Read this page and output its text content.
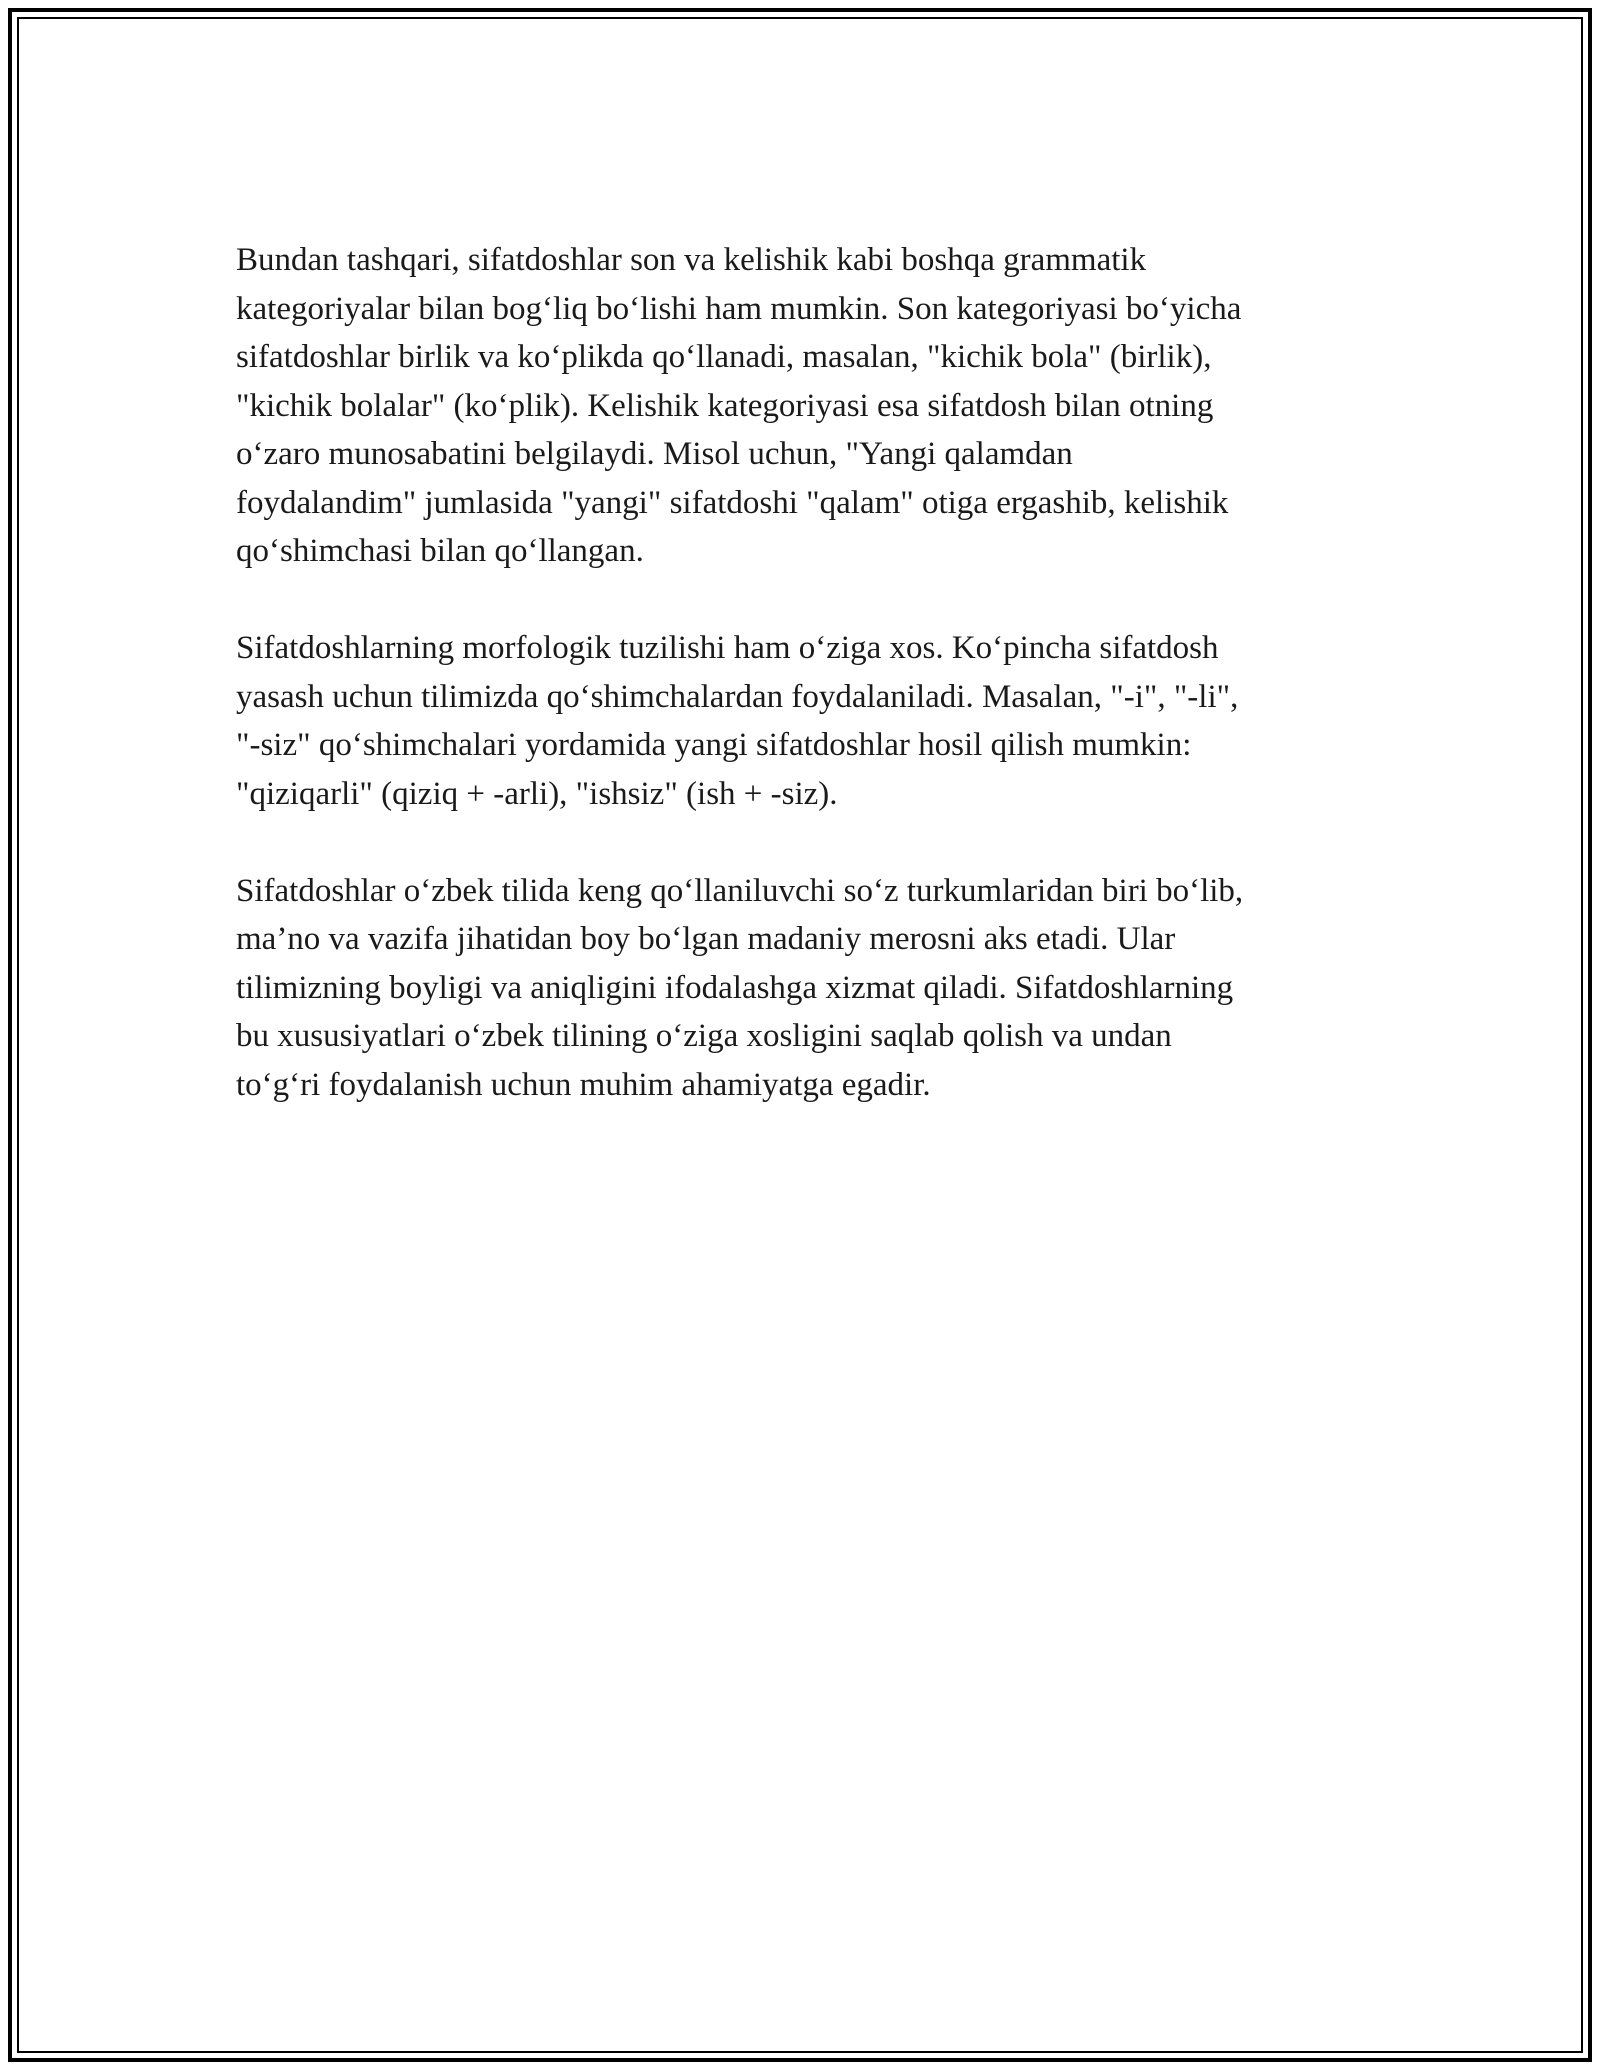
Bundan tashqari, sifatdoshlar son va kelishik kabi boshqa grammatik
kategoriyalar bilan bog‘liq bo‘lishi ham mumkin. Son kategoriyasi bo‘yicha
sifatdoshlar birlik va ko‘plikda qo‘llanadi, masalan, "kichik bola" (birlik),
"kichik bolalar" (ko‘plik). Kelishik kategoriyasi esa sifatdosh bilan otning
o‘zaro munosabatini belgilaydi. Misol uchun, "Yangi qalamdan
foydalandim" jumlasida "yangi" sifatdoshi "qalam" otiga ergashib, kelishik
qo‘shimchasi bilan qo‘llangan.

Sifatdoshlarning morfologik tuzilishi ham o‘ziga xos. Ko‘pincha sifatdosh
yasash uchun tilimizda qo‘shimchalardan foydalaniladi. Masalan, "-i", "-li",
"-siz" qo‘shimchalari yordamida yangi sifatdoshlar hosil qilish mumkin:
"qiziqarli" (qiziq + -arli), "ishsiz" (ish + -siz).

Sifatdoshlar o‘zbek tilida keng qo‘llaniluvchi so‘z turkumlaridan biri bo‘lib,
ma’no va vazifa jihatidan boy bo‘lgan madaniy merosni aks etadi. Ular
tilimizning boyligi va aniqligini ifodalashga xizmat qiladi. Sifatdoshlarning
bu xususiyatlari o‘zbek tilining o‘ziga xosligini saqlab qolish va undan
to‘g‘ri foydalanish uchun muhim ahamiyatga egadir.
